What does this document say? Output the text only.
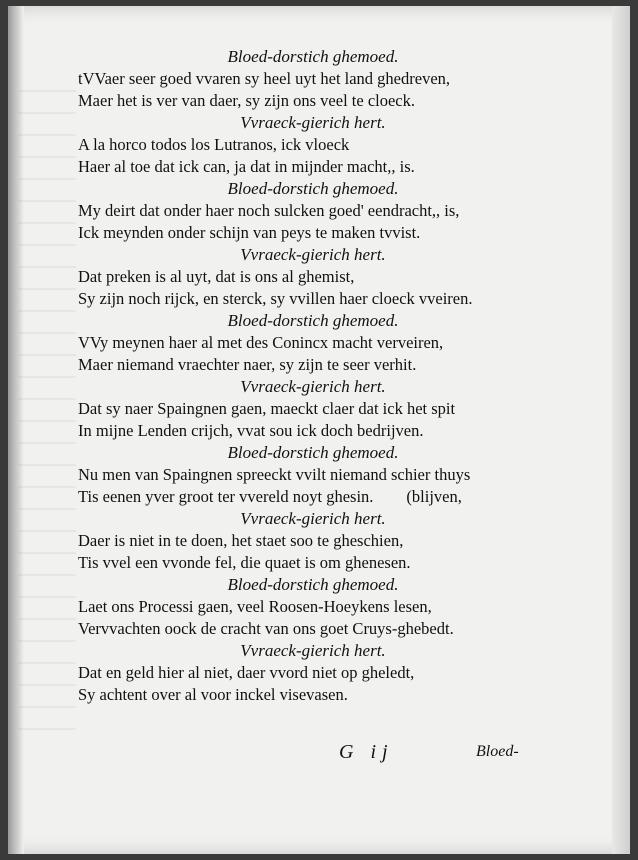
Bloed-dorstich ghemoed.

tVVaer seer goed vvaren sy heel uyt het land ghedreven,

Maer het is ver van daer, sy zijn ons veel te cloeck.

Vvraeck-gierich hert.

A la horco todos los Lutranos, ick vloeck

Haer al toe dat ick can, ja dat in mijnder macht,, is.

Bloed-dorstich ghemoed.

My deirt dat onder haer noch sulcken goed' eendracht,, is,

Ick meynden onder schijn van peys te maken tvvist.

Vvraeck-gierich hert.

Dat preken is al uyt, dat is ons al ghemist,

Sy zijn noch rijck, en sterck, sy vvillen haer cloeck vveiren.

Bloed-dorstich ghemoed.

VVy meynen haer al met des Conincx macht verveiren,

Maer niemand vraechter naer, sy zijn te seer verhit.

Vvraeck-gierich hert.

Dat sy naer Spaingnen gaen, maeckt claer dat ick het spit

In mijne Lenden crijch, vvat sou ick doch bedrijven.

Bloed-dorstich ghemoed.

Nu men van Spaingnen spreeckt vvilt niemand schier thuys

Tis eenen yver groot ter vvereld noyt ghesin.        (blijven,

Vvraeck-gierich hert.

Daer is niet in te doen, het staet soo te gheschien,

Tis vvel een vvonde fel, die quaet is om ghenesen.

Bloed-dorstich ghemoed.

Laet ons Processi gaen, veel Roosen-Hoeykens lesen,

Vervvachten oock de cracht van ons goet Cruys-ghebedt.

Vvraeck-gierich hert.

Dat en geld hier al niet, daer vvord niet op gheledt,

Sy achtent over al voor inckel visevasen.

G ij	Bloed-
